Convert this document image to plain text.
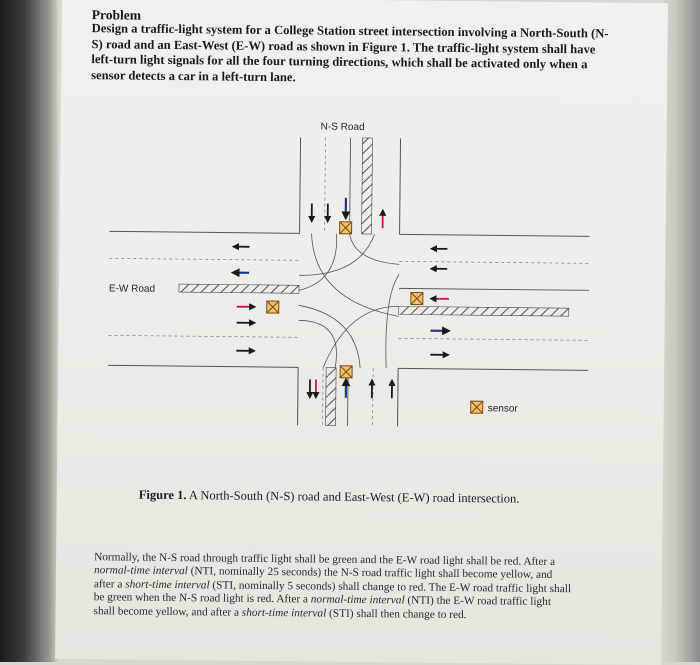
Problem
Design a traffic-light system for a College Station street intersection involving a North-South (N-S) road and an East-West (E-W) road as shown in Figure 1. The traffic-light system shall have left-turn light signals for all the four turning directions, which shall be activated only when a sensor detects a car in a left-turn lane.
N-S Road
E-W Road
sensor
Figure 1. A North-South (N-S) road and East-West (E-W) road intersection.
Normally, the N-S road through traffic light shall be green and the E-W road light shall be red. After a normal-time interval (NTI, nominally 25 seconds) the N-S road traffic light shall become yellow, and after a short-time interval (STI, nominally 5 seconds) shall change to red. The E-W road traffic light shall be green when the N-S road light is red. After a normal-time interval (NTI) the E-W road traffic light shall become yellow, and after a short-time interval (STI) shall then change to red.
